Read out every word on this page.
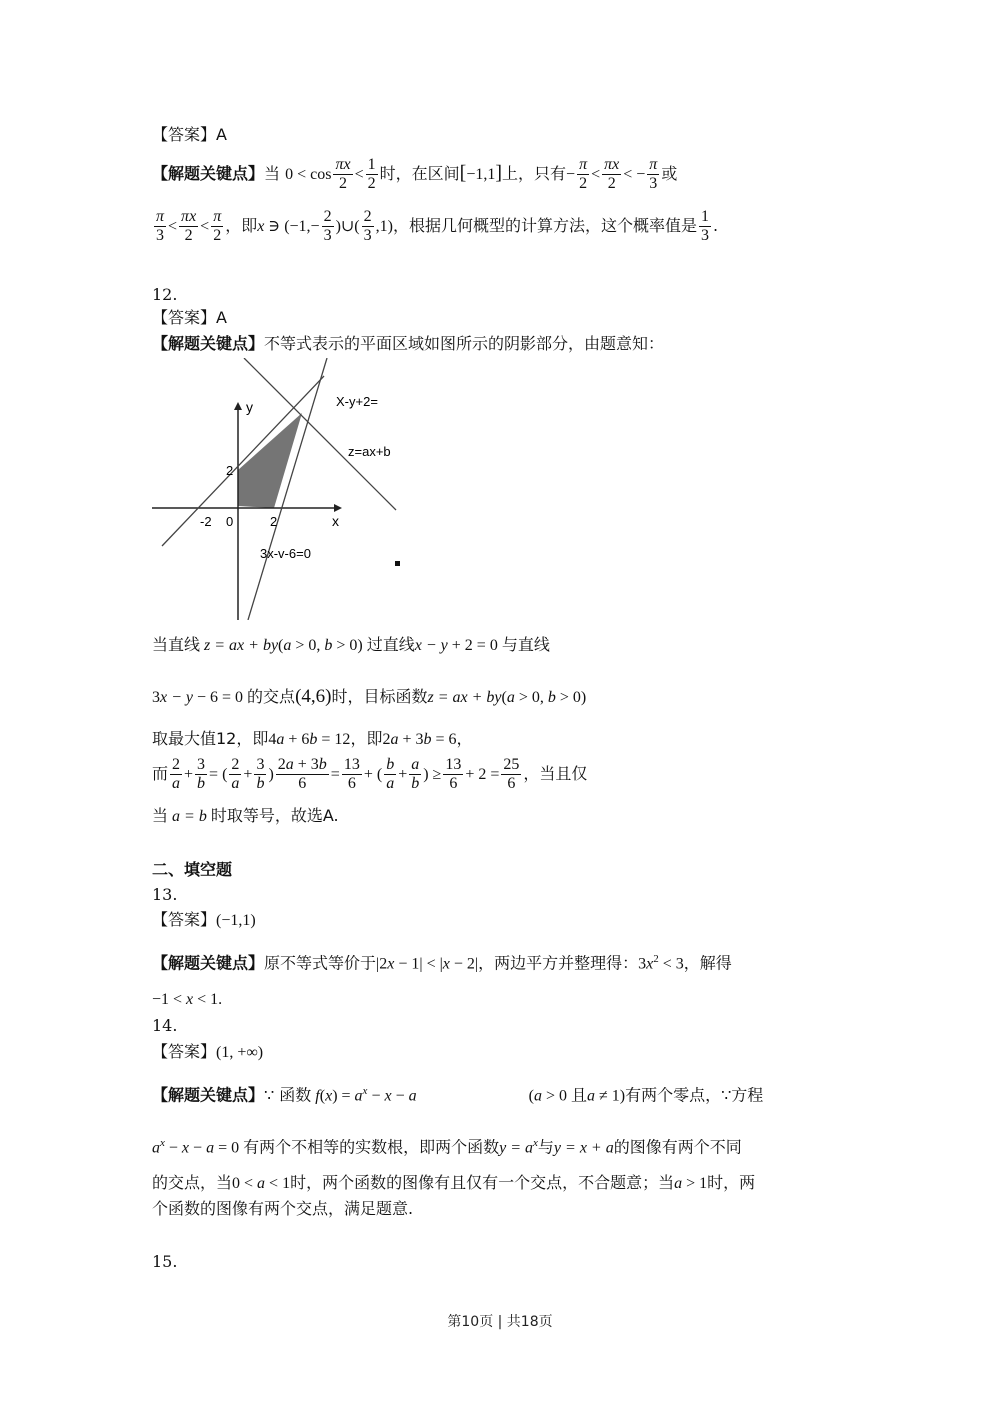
【答案】A
【解题关键点】当 $0 < \cos \frac{\pi x}{2} < \frac{1}{2}$ 时，在区间[−1,1]上，只有− $\frac{\pi}{2} < \frac{\pi x}{2}$ < − $\frac{\pi}{3}$ 或
$\frac{\pi}{3} < \frac{\pi x}{2} < \frac{\pi}{2}$ ，即x ∋ ($-1,- \frac{2}{3}$ )∪( $\frac{2}{3} ,1$)，根据几何概型的计算方法，这个概率值是 $\frac{1}{3}$ .
12.
【答案】A
【解题关键点】不等式表示的平面区域如图所示的阴影部分，由题意知：
X-y+2=
z=ax+b
3x-v-6=0
y
x
2
-2 0	2
当直线 z = ax + by(a > 0, b > 0) 过直线x − y + 2 = 0 与直线
3x − y − 6 = 0 的交点(4,6)时，目标函数z = ax + by(a > 0, b > 0)
取最大值12，即4a + 6b = 12，即2a + 3b = 6，
而 $\frac{2}{a} + \frac{3}{b}$ = ( $\frac{2}{a} + \frac{3}{b}$ ) $\frac{2a + 3b}{6} = \frac{13}{6}$ + ( $\frac{b}{a} + \frac{a}{b}$ ) ≥ $\frac{13}{6} + 2 = \frac{25}{6}$ ，当且仅
当 a = b 时取等号，故选A.
二、填空题
13.
【答案】(−1,1)
【解题关键点】原不等式等价于|2x − 1| < |x − 2|，两边平方并整理得：$3x^2 < 3$，解得
−1 < x < 1.
14.
【答案】(1, +∞)
【解题关键点】∵ 函数 $f(x) = a^x - x - a$	(a > 0 且a ≠ 1)有两个零点，∵方程
$a^x - x - a = 0$ 有两个不相等的实数根，即两个函数$y = a^x$与y = x + a的图像有两个不同
的交点，当0 < a < 1时，两个函数的图像有且仅有一个交点，不合题意；当a > 1时，两
个函数的图像有两个交点，满足题意.
15.
第10页 | 共18页
